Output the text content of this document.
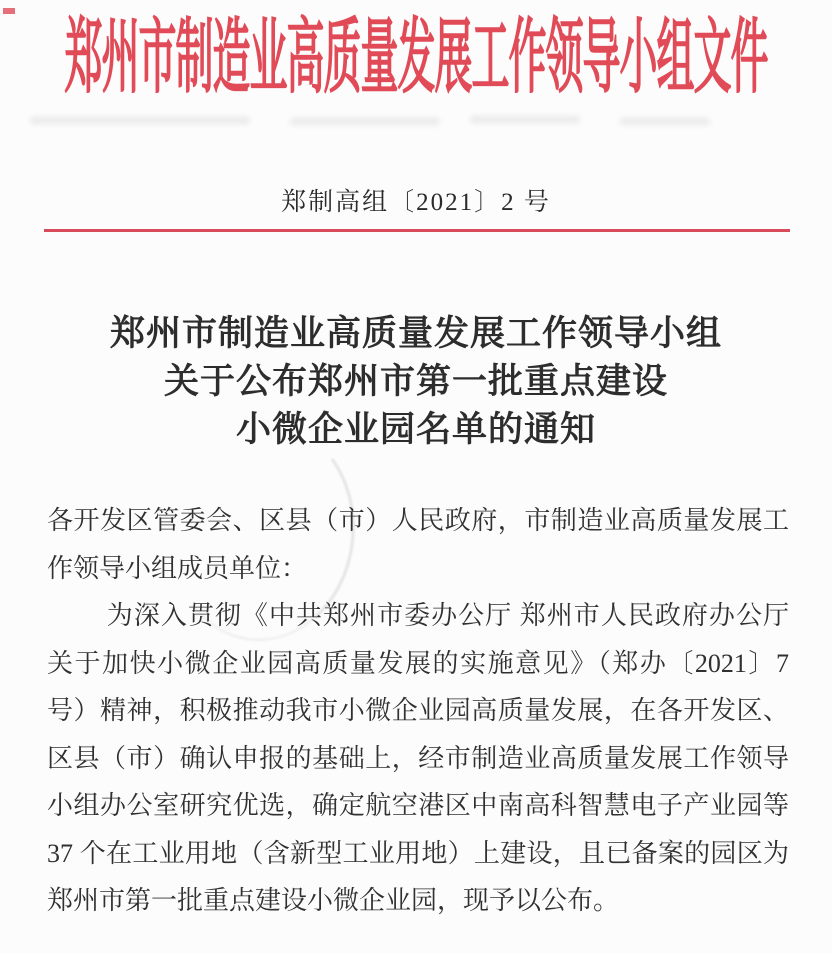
郑州市制造业高质量发展工作领导小组文件
郑制高组〔2021〕2 号
郑州市制造业高质量发展工作领导小组
关于公布郑州市第一批重点建设
小微企业园名单的通知
各开发区管委会、区县（市）人民政府，市制造业高质量发展工
作领导小组成员单位：
为深入贯彻《中共郑州市委办公厅 郑州市人民政府办公厅
关于加快小微企业园高质量发展的实施意见》（郑办〔2021〕7
号）精神，积极推动我市小微企业园高质量发展，在各开发区、
区县（市）确认申报的基础上，经市制造业高质量发展工作领导
小组办公室研究优选，确定航空港区中南高科智慧电子产业园等
37 个在工业用地（含新型工业用地）上建设，且已备案的园区为
郑州市第一批重点建设小微企业园，现予以公布。
